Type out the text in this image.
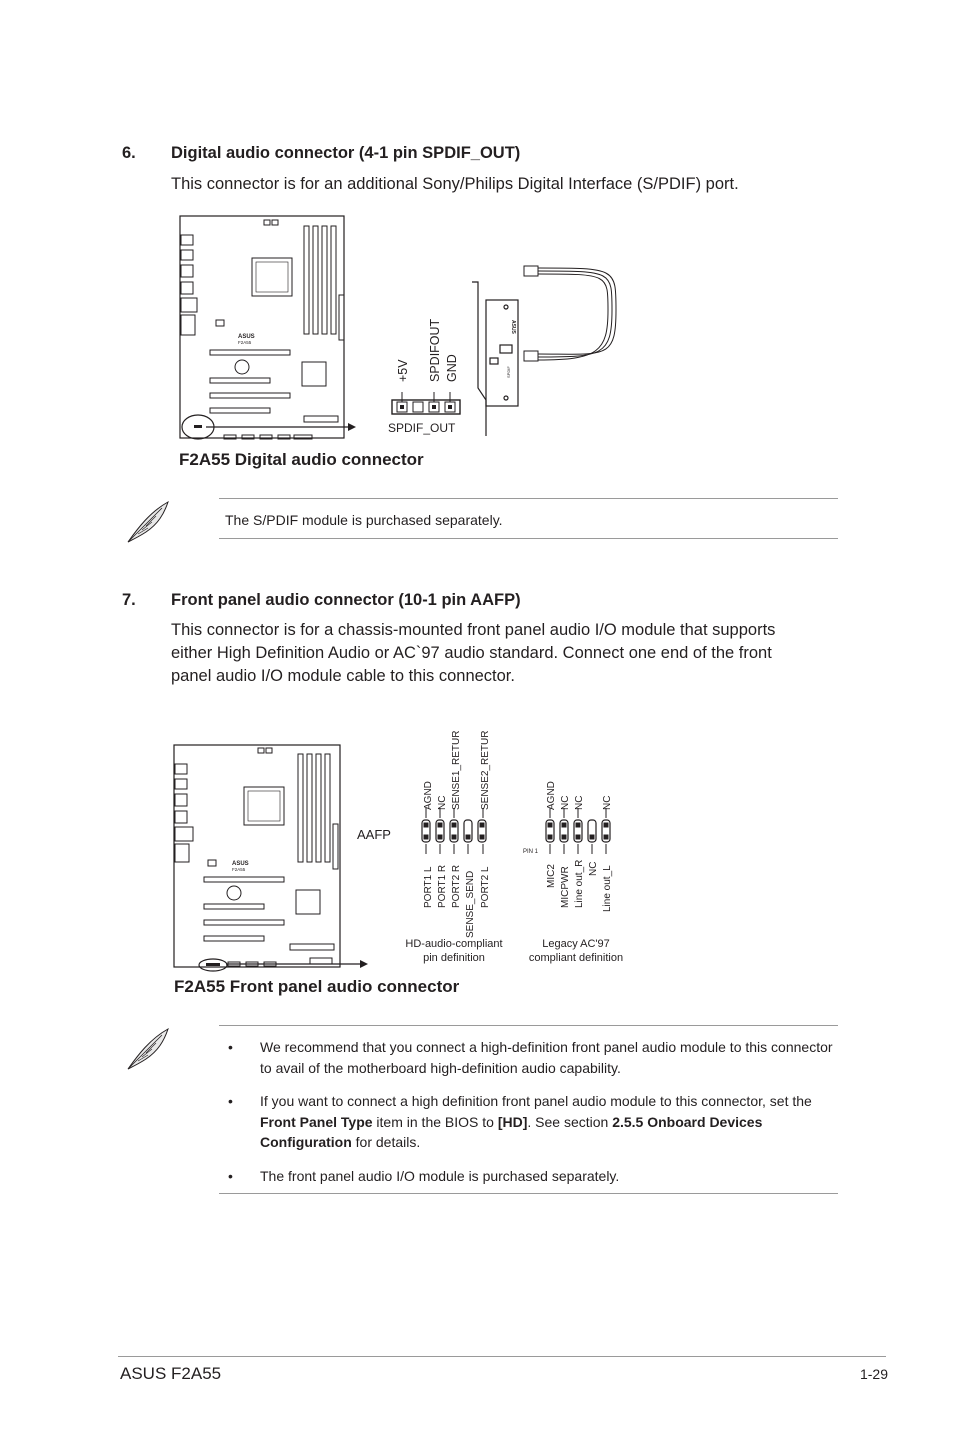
6. Digital audio connector (4-1 pin SPDIF_OUT)
This connector is for an additional Sony/Philips Digital Interface (S/PDIF) port.
ASUS
F2A55
+5V SPDIFOUT GND
SPDIF_OUT
ASUS
SPDIF
F2A55 Digital audio connector
The S/PDIF module is purchased separately.
7. Front panel audio connector (10-1 pin AAFP)
This connector is for a chassis-mounted front panel audio I/O module that supports
either High Definition Audio or AC`97 audio standard. Connect one end of the front
panel audio I/O module cable to this connector.
ASUS
F2A55
AAFP
AGND NC SENSE1_RETUR SENSE2_RETUR
PORT1 L PORT1 R PORT2 R SENSE_SEND PORT2 L
HD-audio-compliant
pin definition
PIN 1
AGND NC NC NC
MIC2 MICPWR Line out_R NC Line out_L
Legacy AC'97
compliant definition
F2A55 Front panel audio connector
• We recommend that you connect a high-definition front panel audio module to this connector to avail of the motherboard high-definition audio capability.
• If you want to connect a high definition front panel audio module to this connector, set the Front Panel Type item in the BIOS to [HD]. See section 2.5.5 Onboard Devices Configuration for details.
• The front panel audio I/O module is purchased separately.
ASUS F2A55	1-29
